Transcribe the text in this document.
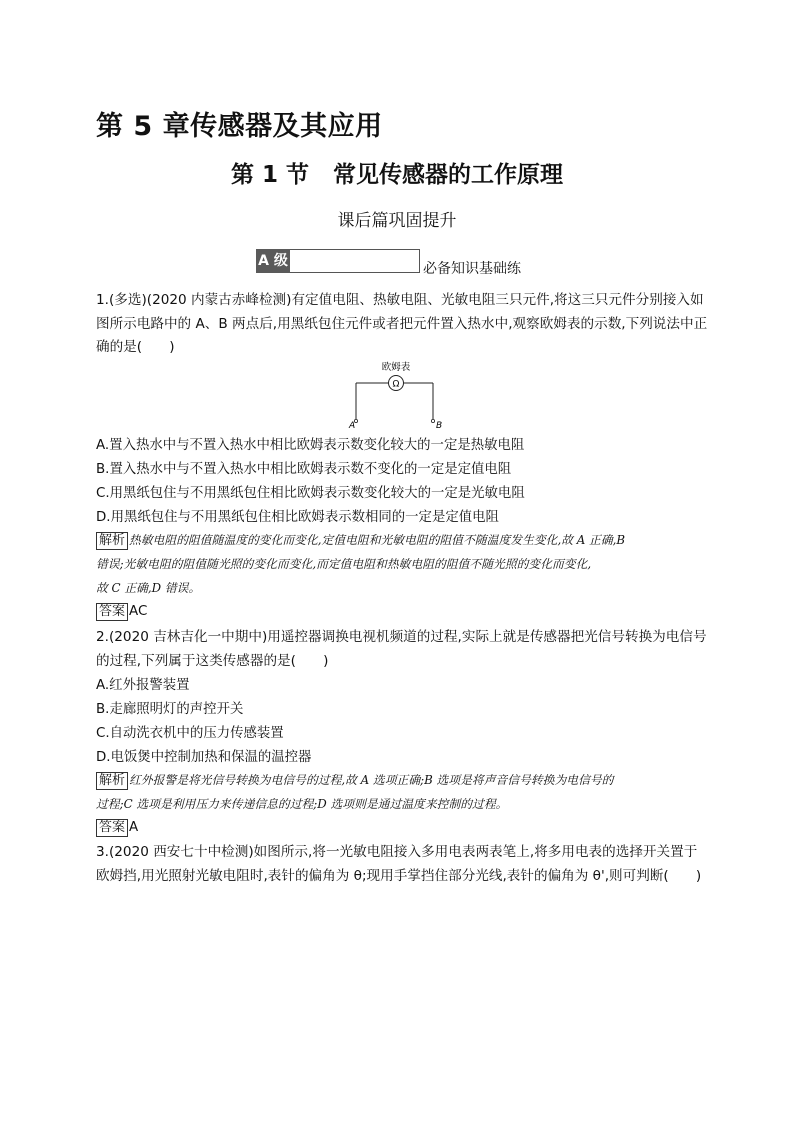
第 5 章传感器及其应用
第 1 节 常见传感器的工作原理
课后篇巩固提升
A 级	必备知识基础练
1.(多选)(2020 内蒙古赤峰检测)有定值电阻、热敏电阻、光敏电阻三只元件,将这三只元件分别接入如图所示电路中的 A、B 两点后,用黑纸包住元件或者把元件置入热水中,观察欧姆表的示数,下列说法中正确的是(　　)
欧姆表
Ω
A	B
A.置入热水中与不置入热水中相比欧姆表示数变化较大的一定是热敏电阻
B.置入热水中与不置入热水中相比欧姆表示数不变化的一定是定值电阻
C.用黑纸包住与不用黑纸包住相比欧姆表示数变化较大的一定是光敏电阻
D.用黑纸包住与不用黑纸包住相比欧姆表示数相同的一定是定值电阻
解析 热敏电阻的阻值随温度的变化而变化,定值电阻和光敏电阻的阻值不随温度发生变化,故 A 正确,B
错误;光敏电阻的阻值随光照的变化而变化,而定值电阻和热敏电阻的阻值不随光照的变化而变化,
故 C 正确,D 错误。
答案 AC
2.(2020 吉林吉化一中期中)用遥控器调换电视机频道的过程,实际上就是传感器把光信号转换为电信号的过程,下列属于这类传感器的是(　　)
A.红外报警装置
B.走廊照明灯的声控开关
C.自动洗衣机中的压力传感装置
D.电饭煲中控制加热和保温的温控器
解析 红外报警是将光信号转换为电信号的过程,故 A 选项正确;B 选项是将声音信号转换为电信号的
过程;C 选项是利用压力来传递信息的过程;D 选项则是通过温度来控制的过程。
答案 A
3.(2020 西安七十中检测)如图所示,将一光敏电阻接入多用电表两表笔上,将多用电表的选择开关置于欧姆挡,用光照射光敏电阻时,表针的偏角为 θ;现用手掌挡住部分光线,表针的偏角为 θ',则可判断(　　)
